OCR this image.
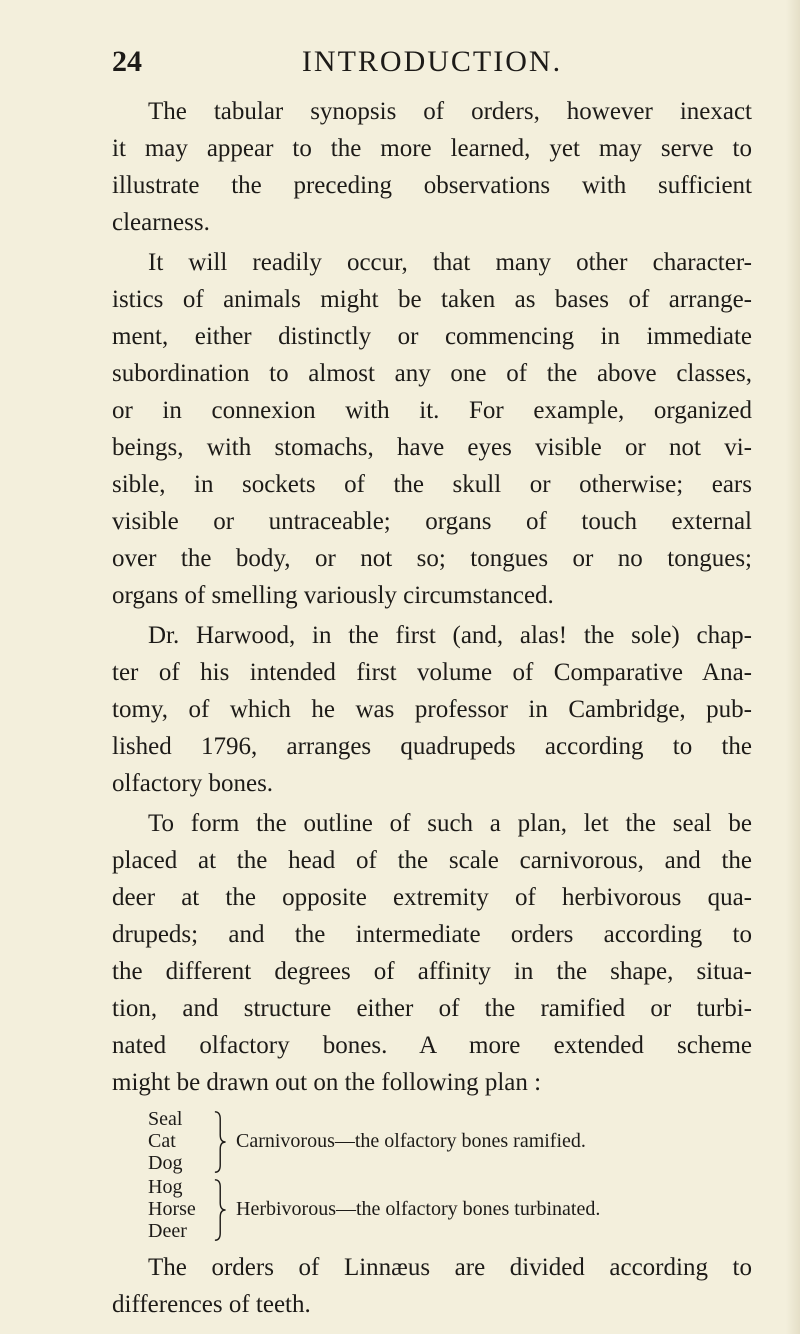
24	INTRODUCTION.
The tabular synopsis of orders, however inexact
it may appear to the more learned, yet may serve to
illustrate the preceding observations with sufficient
clearness.
It will readily occur, that many other character-
istics of animals might be taken as bases of arrange-
ment, either distinctly or commencing in immediate
subordination to almost any one of the above classes,
or in connexion with it. For example, organized
beings, with stomachs, have eyes visible or not vi-
sible, in sockets of the skull or otherwise; ears
visible or untraceable; organs of touch external
over the body, or not so; tongues or no tongues;
organs of smelling variously circumstanced.
Dr. Harwood, in the first (and, alas! the sole) chap-
ter of his intended first volume of Comparative Ana-
tomy, of which he was professor in Cambridge, pub-
lished 1796, arranges quadrupeds according to the
olfactory bones.
To form the outline of such a plan, let the seal be
placed at the head of the scale carnivorous, and the
deer at the opposite extremity of herbivorous qua-
drupeds; and the intermediate orders according to
the different degrees of affinity in the shape, situa-
tion, and structure either of the ramified or turbi-
nated olfactory bones. A more extended scheme
might be drawn out on the following plan :
Seal
Cat
Dog
Carnivorous—the olfactory bones ramified.
Hog
Horse
Deer
Herbivorous—the olfactory bones turbinated.
The orders of Linnæus are divided according to
differences of teeth.
